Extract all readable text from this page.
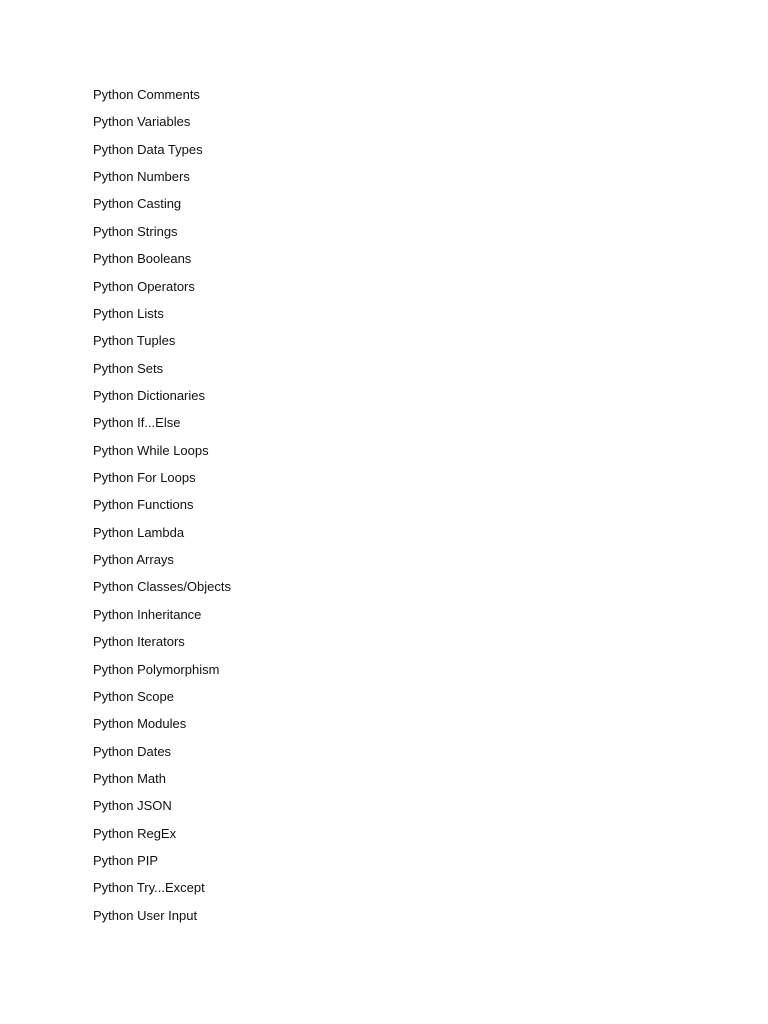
Python Comments
Python Variables
Python Data Types
Python Numbers
Python Casting
Python Strings
Python Booleans
Python Operators
Python Lists
Python Tuples
Python Sets
Python Dictionaries
Python If...Else
Python While Loops
Python For Loops
Python Functions
Python Lambda
Python Arrays
Python Classes/Objects
Python Inheritance
Python Iterators
Python Polymorphism
Python Scope
Python Modules
Python Dates
Python Math
Python JSON
Python RegEx
Python PIP
Python Try...Except
Python User Input
